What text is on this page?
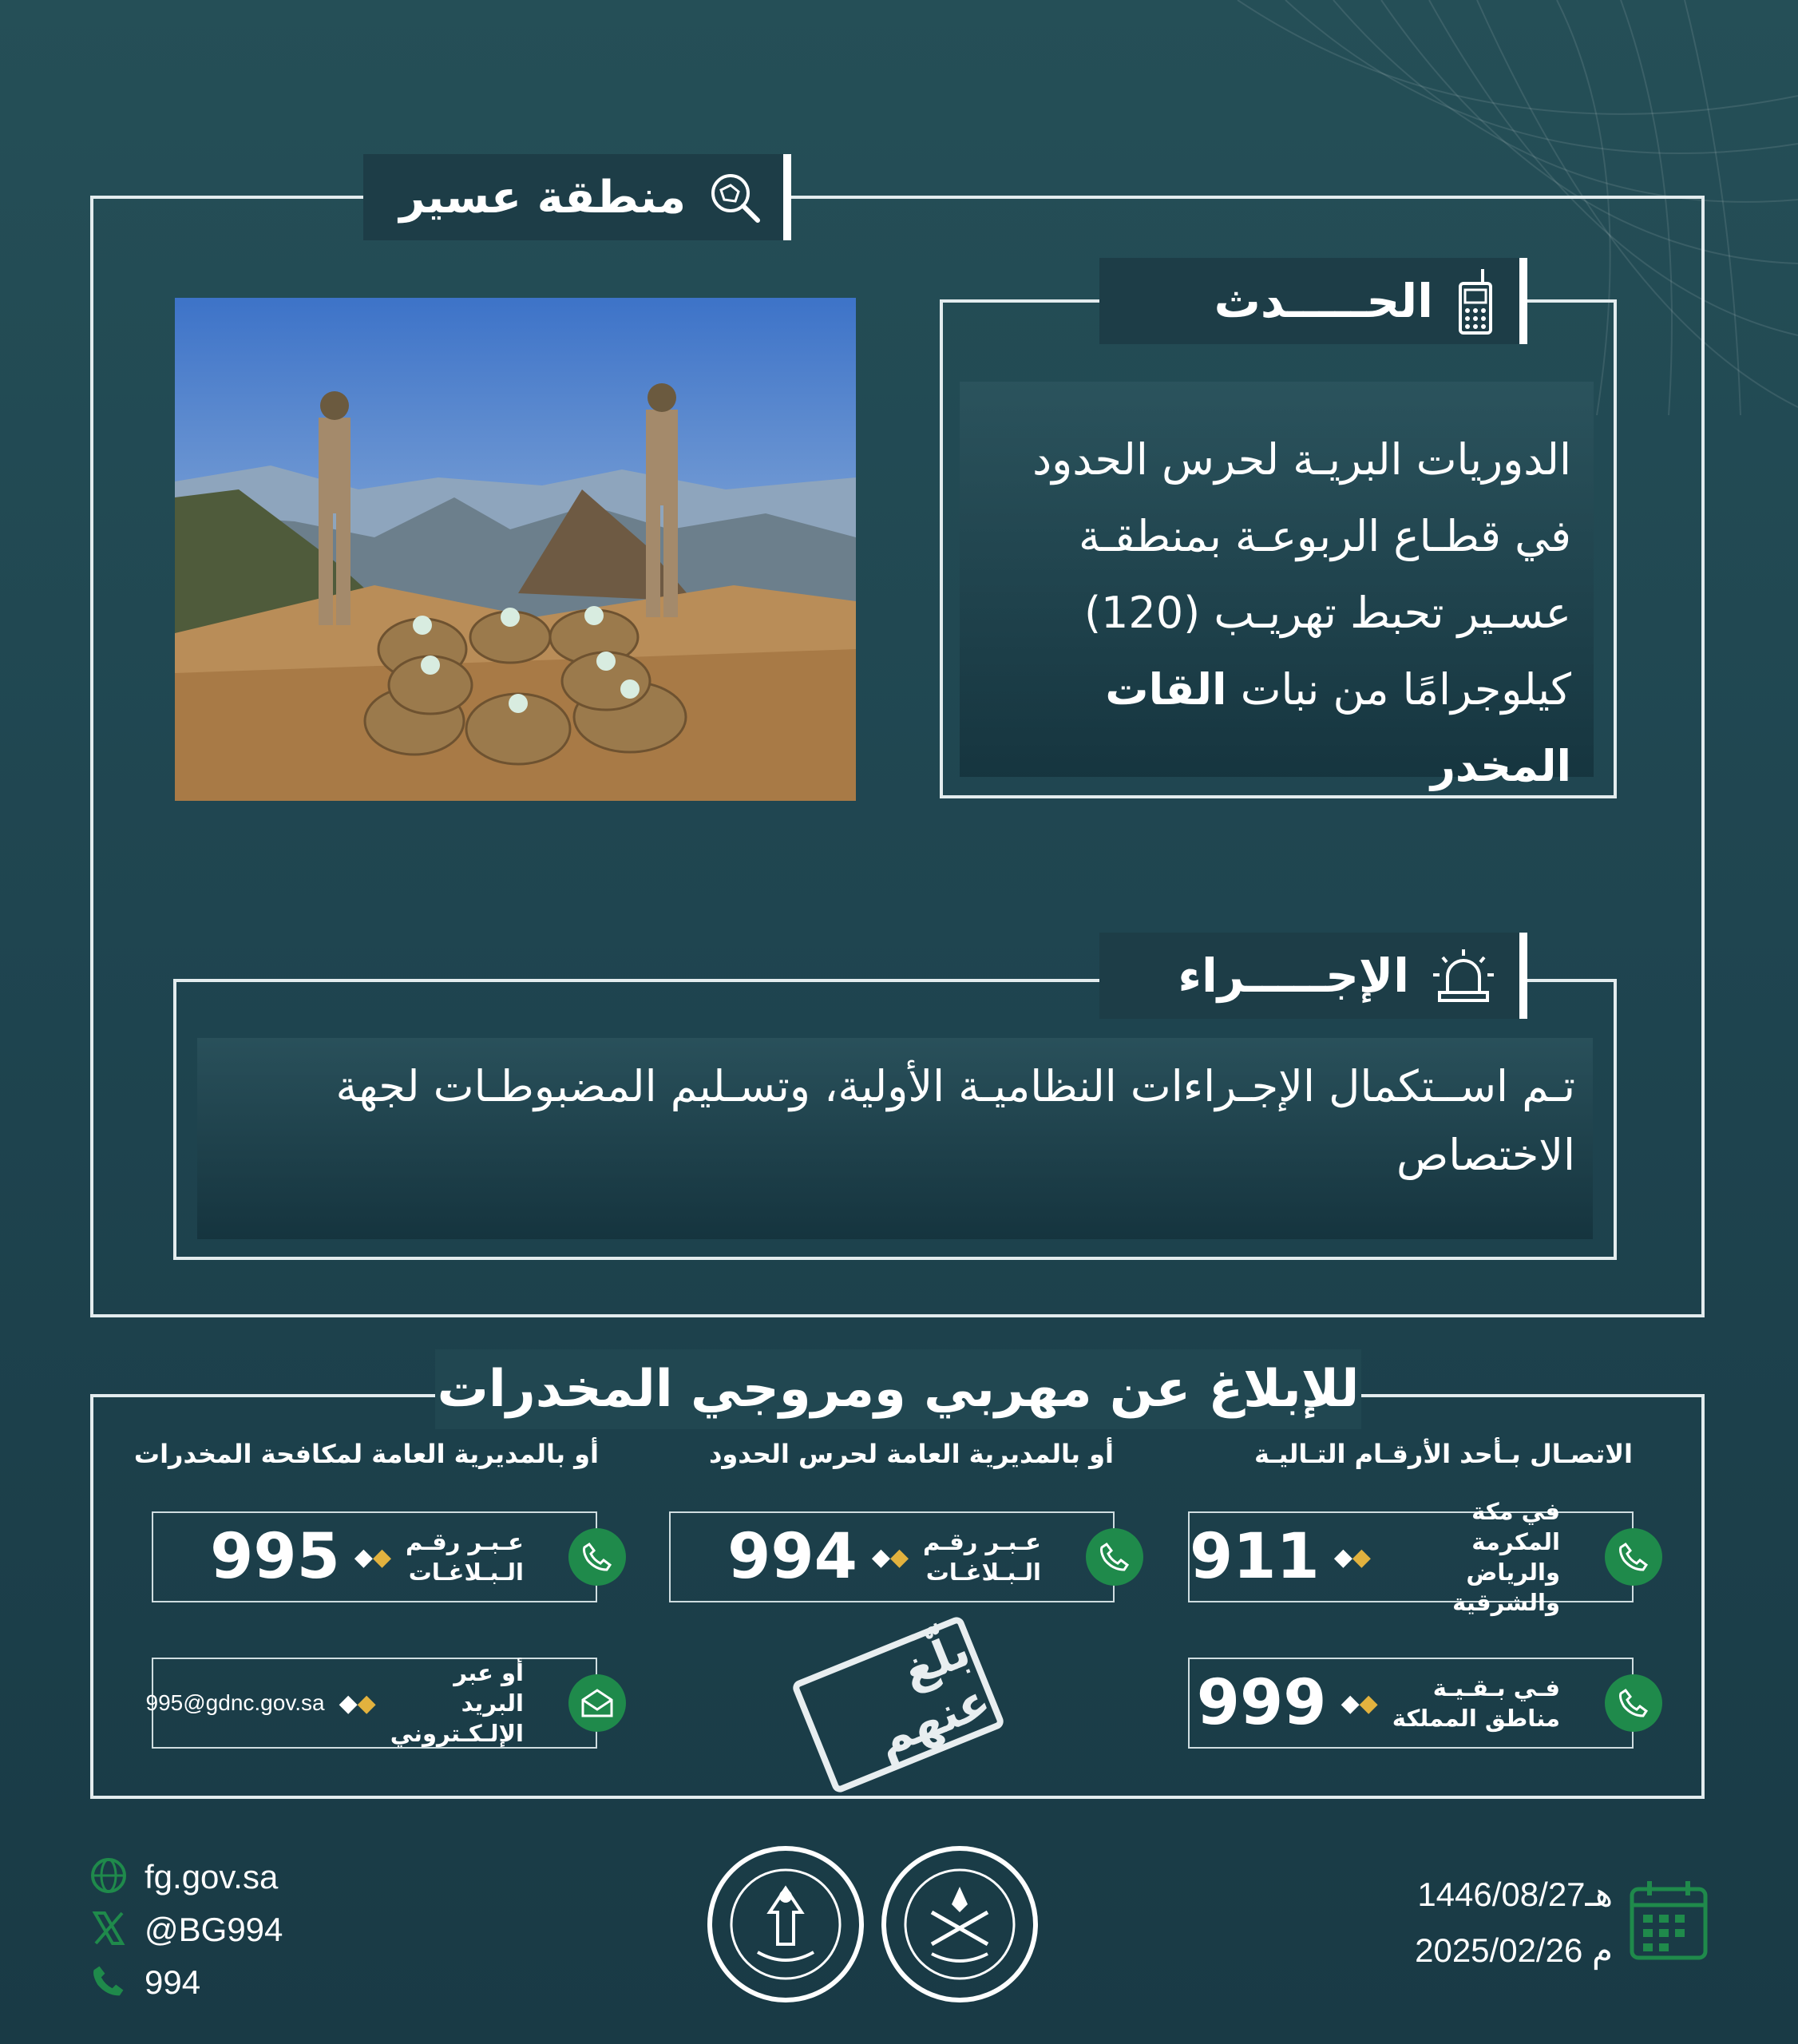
منطقة عسير
الحـــــدث
الدوريات البريـة لحرس الحدود في قطـاع الربوعـة بمنطقـة عسـير تحبط تهريـب (120) كيلوجرامًا من نبات القات المخدر
الإجـــــراء
تـم اســتكمال الإجـراءات النظاميـة الأولية، وتسـليم المضبوطـات لجهة الاختصاص
للإبلاغ عن مهربي ومروجي المخدرات
الاتصـال بـأحد الأرقـام التـاليـة
في مكة المكرمة
والرياض والشرقية
◆◆
911
فـي بـقـيـة
مناطق المملكة
◆◆
999
أو بالمديرية العامة لحرس الحدود
عـبـر رقـم
الـبـلاغـات
◆◆
994
بلّغ عنهم
أو بالمديرية العامة لمكافحة المخدرات
عـبـر رقـم
الـبـلاغـات
◆◆
995
أو عبر البريد
الإلـكـتروني
◆◆
995@gdnc.gov.sa
fg.gov.sa
@BG994
994
1446/08/27هـ
2025/02/26 م
